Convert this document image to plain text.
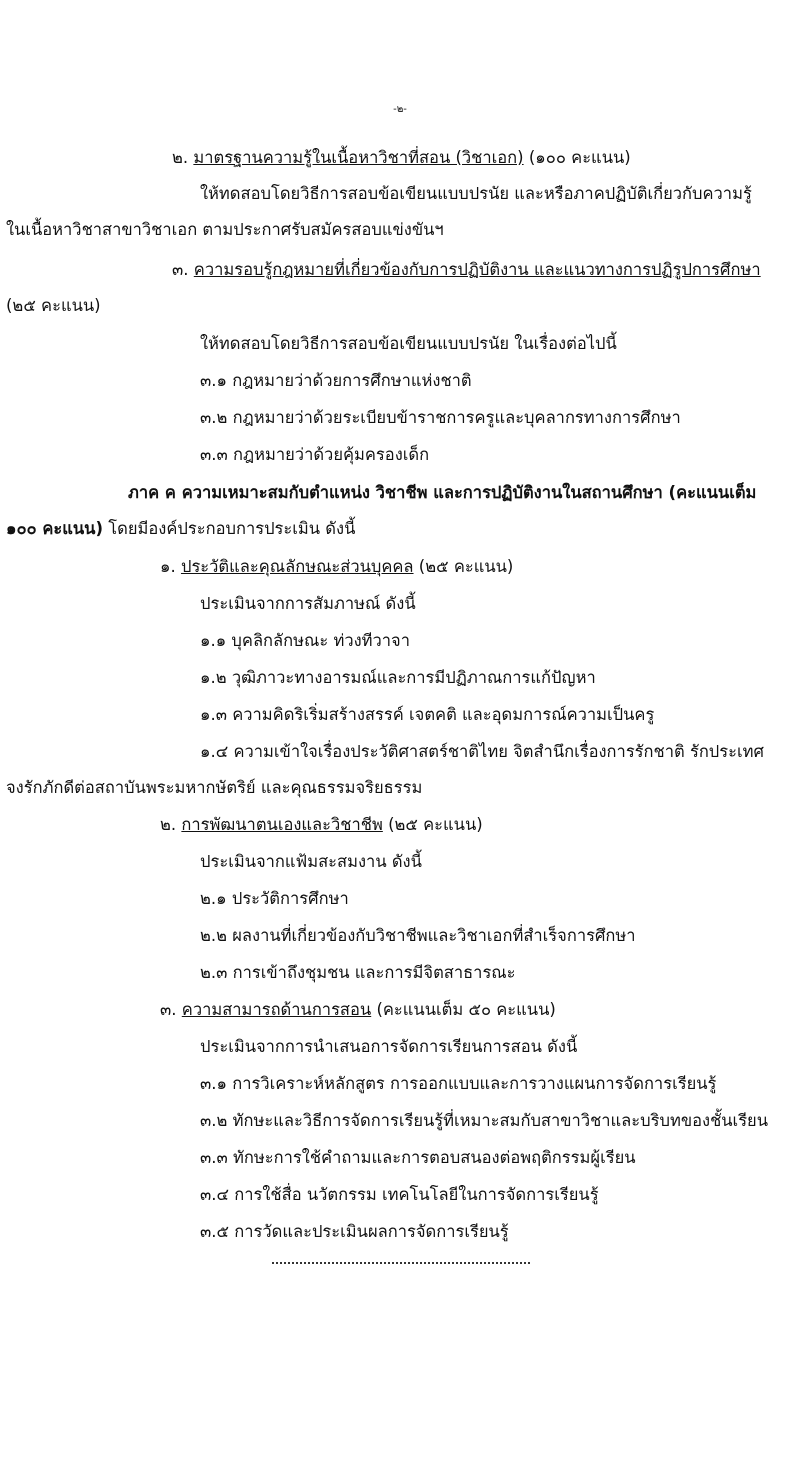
-๒-
๒. มาตรฐานความรู้ในเนื้อหาวิชาที่สอน (วิชาเอก) (๑๐๐ คะแนน)
ให้ทดสอบโดยวิธีการสอบข้อเขียนแบบปรนัย และหรือภาคปฏิบัติเกี่ยวกับความรู้
ในเนื้อหาวิชาสาขาวิชาเอก ตามประกาศรับสมัครสอบแข่งขันฯ
๓. ความรอบรู้กฎหมายที่เกี่ยวข้องกับการปฏิบัติงาน และแนวทางการปฏิรูปการศึกษา
(๒๕ คะแนน)
ให้ทดสอบโดยวิธีการสอบข้อเขียนแบบปรนัย ในเรื่องต่อไปนี้
๓.๑ กฎหมายว่าด้วยการศึกษาแห่งชาติ
๓.๒ กฎหมายว่าด้วยระเบียบข้าราชการครูและบุคลากรทางการศึกษา
๓.๓ กฎหมายว่าด้วยคุ้มครองเด็ก
ภาค ค ความเหมาะสมกับตำแหน่ง วิชาชีพ และการปฏิบัติงานในสถานศึกษา (คะแนนเต็ม
๑๐๐ คะแนน) โดยมีองค์ประกอบการประเมิน ดังนี้
๑. ประวัติและคุณลักษณะส่วนบุคคล (๒๕ คะแนน)
ประเมินจากการสัมภาษณ์ ดังนี้
๑.๑ บุคลิกลักษณะ ท่วงทีวาจา
๑.๒ วุฒิภาวะทางอารมณ์และการมีปฏิภาณการแก้ปัญหา
๑.๓ ความคิดริเริ่มสร้างสรรค์ เจตคติ และอุดมการณ์ความเป็นครู
๑.๔ ความเข้าใจเรื่องประวัติศาสตร์ชาติไทย จิตสำนึกเรื่องการรักชาติ รักประเทศ
จงรักภักดีต่อสถาบันพระมหากษัตริย์ และคุณธรรมจริยธรรม
๒. การพัฒนาตนเองและวิชาชีพ (๒๕ คะแนน)
ประเมินจากแฟ้มสะสมงาน ดังนี้
๒.๑ ประวัติการศึกษา
๒.๒ ผลงานที่เกี่ยวข้องกับวิชาชีพและวิชาเอกที่สำเร็จการศึกษา
๒.๓ การเข้าถึงชุมชน และการมีจิตสาธารณะ
๓. ความสามารถด้านการสอน (คะแนนเต็ม ๕๐ คะแนน)
ประเมินจากการนำเสนอการจัดการเรียนการสอน ดังนี้
๓.๑ การวิเคราะห์หลักสูตร การออกแบบและการวางแผนการจัดการเรียนรู้
๓.๒ ทักษะและวิธีการจัดการเรียนรู้ที่เหมาะสมกับสาขาวิชาและบริบทของชั้นเรียน
๓.๓ ทักษะการใช้คำถามและการตอบสนองต่อพฤติกรรมผู้เรียน
๓.๔ การใช้สื่อ นวัตกรรม เทคโนโลยีในการจัดการเรียนรู้
๓.๕ การวัดและประเมินผลการจัดการเรียนรู้
